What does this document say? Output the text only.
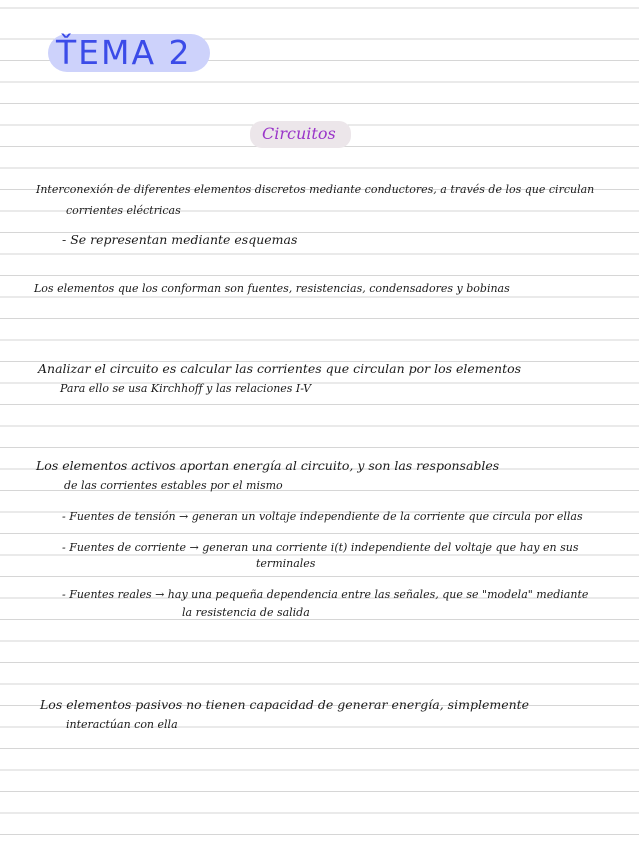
ŤEMA 2
Circuitos
Interconexión de diferentes elementos discretos mediante conductores, a través de los que circulan
corrientes eléctricas
- Se representan mediante esquemas
Los elementos que los conforman son fuentes, resistencias, condensadores y bobinas
Analizar el circuito es calcular las corrientes que circulan por los elementos
Para ello se usa Kirchhoff y las relaciones I-V
Los elementos activos aportan energía al circuito, y son las responsables
de las corrientes estables por el mismo
- Fuentes de tensión → generan un voltaje independiente de la corriente que circula por ellas
- Fuentes de corriente → generan una corriente i(t) independiente del voltaje que hay en sus
terminales
- Fuentes reales → hay una pequeña dependencia entre las señales, que se "modela" mediante
la resistencia de salida
Los elementos pasivos no tienen capacidad de generar energía, simplemente
interactúan con ella
